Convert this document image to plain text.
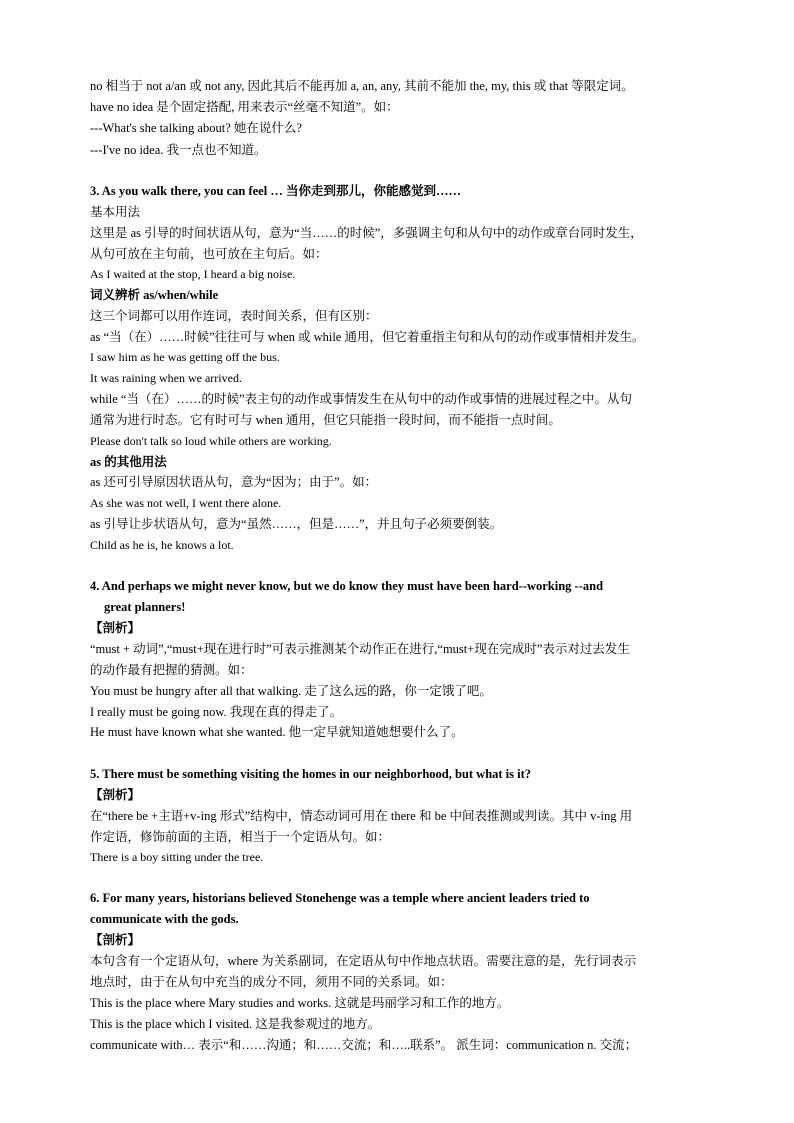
no 相当于 not a/an 或 not any, 因此其后不能再加 a, an, any, 其前不能加 the, my, this 或 that 等限定词。
have no idea 是个固定搭配, 用来表示“丝毫不知道”。如：
---What's she talking about? 她在说什么?
---I've no idea. 我一点也不知道。
3. As you walk there, you can feel … 当你走到那儿，你能感觉到……
基本用法
这里是 as 引导的时间状语从句，意为“当……的时候”，多强调主句和从句中的动作或章台同时发生，
从句可放在主句前，也可放在主句后。如：
As I waited at the stop, I heard a big noise.
词义辨析 as/when/while
这三个词都可以用作连词，表时间关系，但有区别：
as “当（在）……时候”往往可与 when 或 while 通用，但它着重指主句和从句的动作或事情相并发生。
I saw him as he was getting off the bus.
It was raining when we arrived.
while “当（在）……的时候”表主句的动作或事情发生在从句中的动作或事情的进展过程之中。从句
通常为进行时态。它有时可与 when 通用，但它只能指一段时间，而不能指一点时间。
Please don't talk so loud while others are working.
as 的其他用法
as 还可引导原因状语从句，意为“因为；由于”。如：
As she was not well, I went there alone.
as 引导让步状语从句，意为“虽然……，但是……”，并且句子必须要倒装。
Child as he is, he knows a lot.
4. And perhaps we might never know, but we do know they must have been hard--working --and
great planners!
【剖析】
“must + 动词”,“must+现在进行时”可表示推测某个动作正在进行,“must+现在完成时”表示对过去发生
的动作最有把握的猜测。如：
You must be hungry after all that walking. 走了这么远的路，你一定饿了吧。
I really must be going now. 我现在真的得走了。
He must have known what she wanted. 他一定早就知道她想要什么了。
5. There must be something visiting the homes in our neighborhood, but what is it?
【剖析】
在“there be +主语+v-ing 形式”结构中，情态动词可用在 there 和 be 中间表推测或判读。其中 v-ing 用
作定语，修饰前面的主语，相当于一个定语从句。如：
There is a boy sitting under the tree.
6. For many years, historians believed Stonehenge was a temple where ancient leaders tried to
communicate with the gods.
【剖析】
本句含有一个定语从句，where 为关系副词，在定语从句中作地点状语。需要注意的是，先行词表示
地点时，由于在从句中充当的成分不同，须用不同的关系词。如：
This is the place where Mary studies and works. 这就是玛丽学习和工作的地方。
This is the place which I visited. 这是我参观过的地方。
communicate with… 表示“和……沟通；和……交流；和…..联系”。 派生词：communication n. 交流；
